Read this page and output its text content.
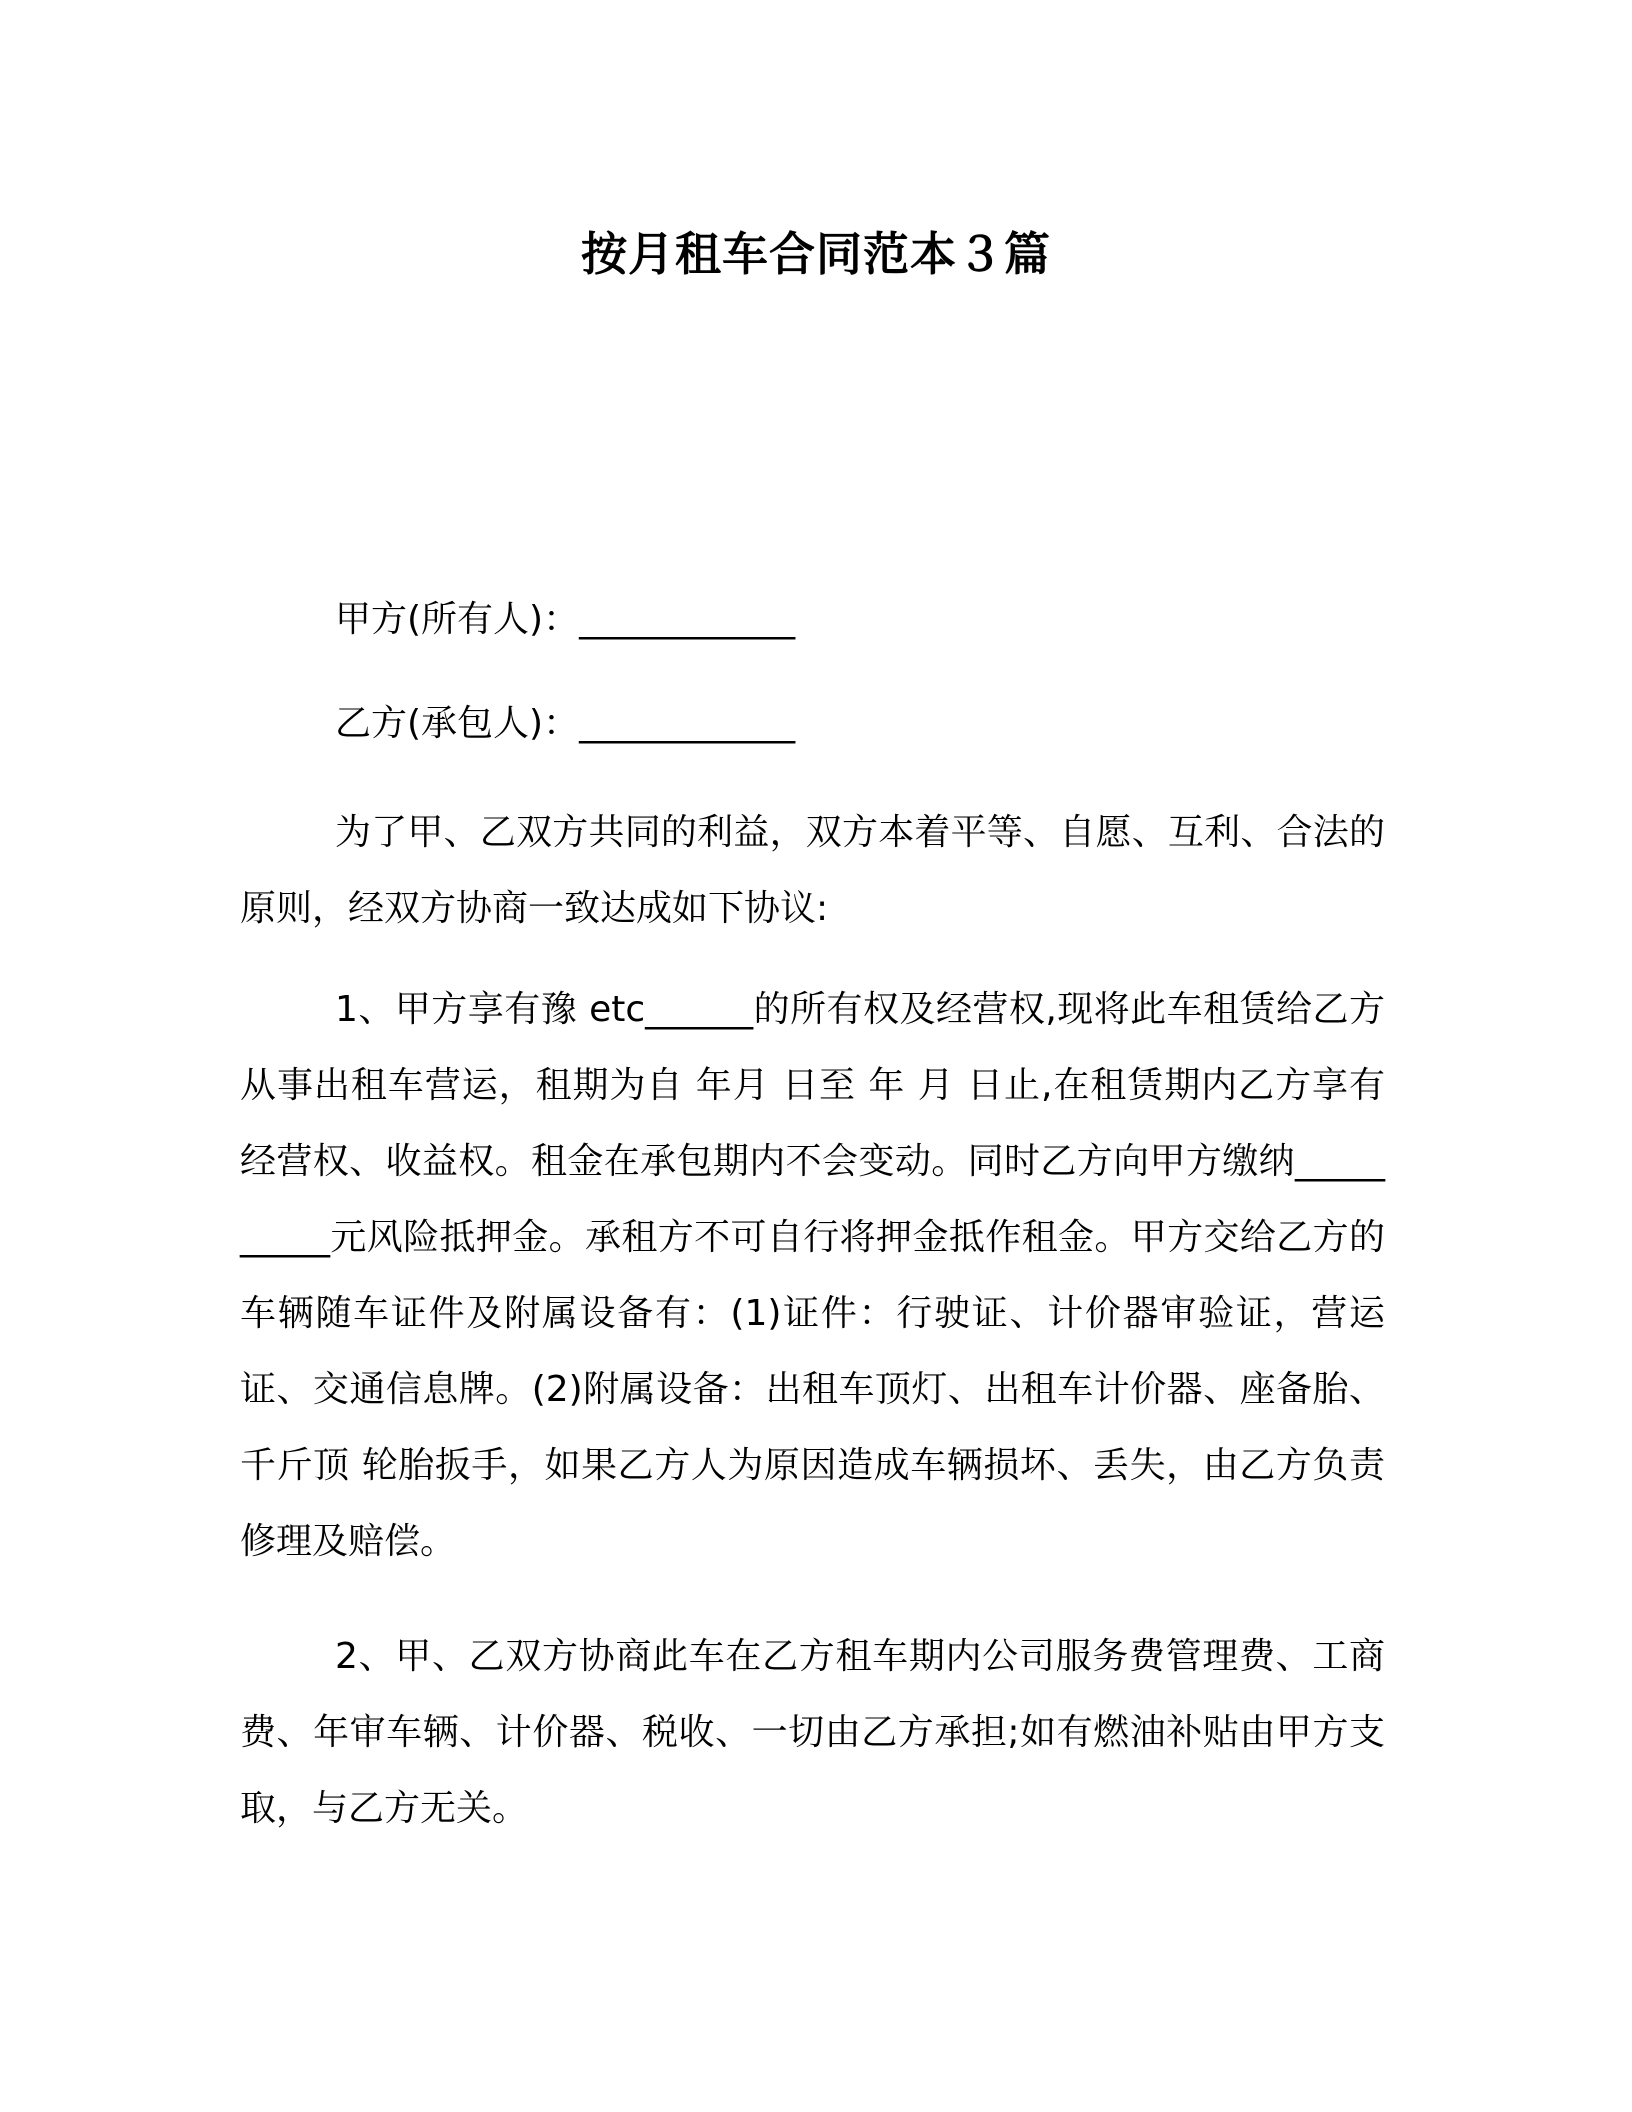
按月租车合同范本３篇

甲方(所有人)：____________

乙方(承包人)：____________

为了甲、乙双方共同的利益，双方本着平等、自愿、互利、合法的原则，经双方协商一致达成如下协议:

1、甲方享有豫 etc______的所有权及经营权,现将此车租赁给乙方从事出租车营运，租期为自 年月 日至 年 月 日止,在租赁期内乙方享有经营权、收益权。租金在承包期内不会变动。同时乙方向甲方缴纳__________元风险抵押金。承租方不可自行将押金抵作租金。甲方交给乙方的车辆随车证件及附属设备有：(1)证件：行驶证、计价器审验证，营运证、交通信息牌。(2)附属设备：出租车顶灯、出租车计价器、座备胎、 千斤顶 轮胎扳手，如果乙方人为原因造成车辆损坏、丢失，由乙方负责修理及赔偿。

2、甲、乙双方协商此车在乙方租车期内公司服务费管理费、工商费、年审车辆、计价器、税收、一切由乙方承担;如有燃油补贴由甲方支取，与乙方无关。
